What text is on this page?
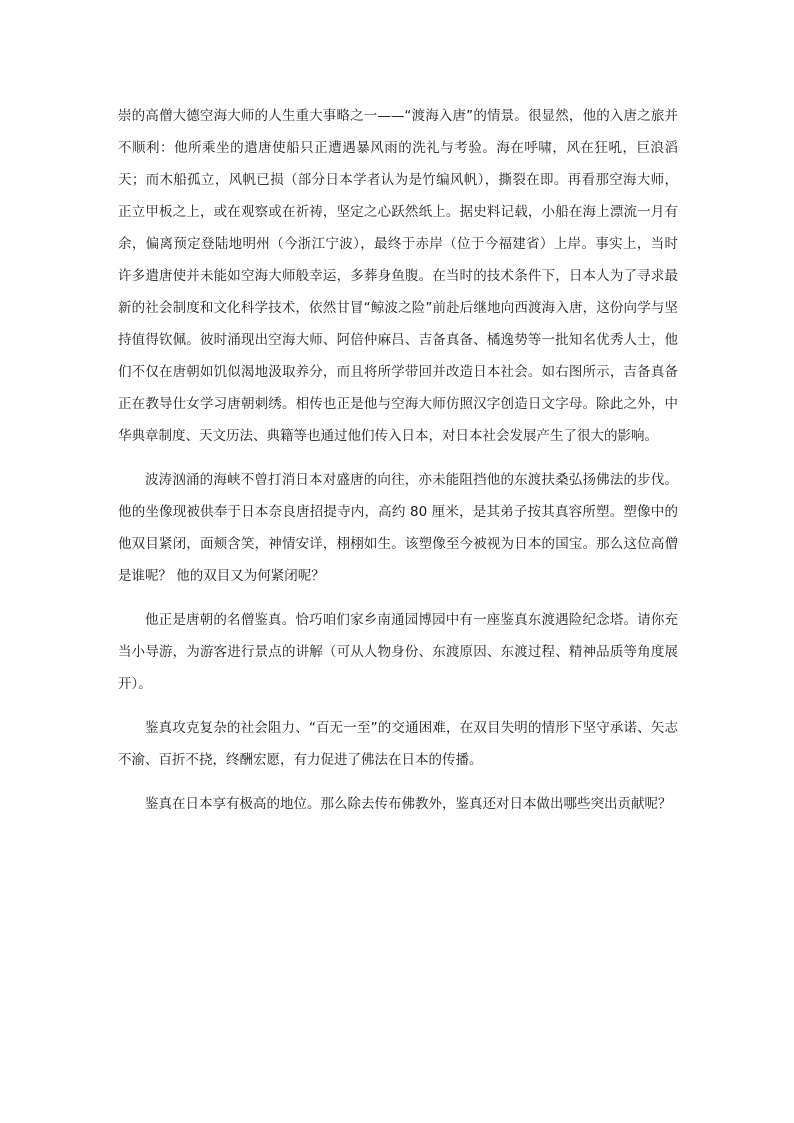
崇的高僧大德空海大师的人生重大事略之一——“渡海入唐”的情景。很显然，他的入唐之旅并不顺利：他所乘坐的遣唐使船只正遭遇暴风雨的洗礼与考验。海在呼啸，风在狂吼，巨浪滔天；而木船孤立，风帆已损（部分日本学者认为是竹编风帆），撕裂在即。再看那空海大师，正立甲板之上，或在观察或在祈祷，坚定之心跃然纸上。据史料记载，小船在海上漂流一月有余，偏离预定登陆地明州（今浙江宁波），最终于赤岸（位于今福建省）上岸。事实上，当时许多遣唐使并未能如空海大师般幸运，多葬身鱼腹。在当时的技术条件下，日本人为了寻求最新的社会制度和文化科学技术，依然甘冒“鲸波之险”前赴后继地向西渡海入唐，这份向学与坚持值得钦佩。彼时涌现出空海大师、阿倍仲麻吕、吉备真备、橘逸势等一批知名优秀人士，他们不仅在唐朝如饥似渴地汲取养分，而且将所学带回并改造日本社会。如右图所示，吉备真备正在教导仕女学习唐朝刺绣。相传也正是他与空海大师仿照汉字创造日文字母。除此之外，中华典章制度、天文历法、典籍等也通过他们传入日本，对日本社会发展产生了很大的影响。

波涛汹涌的海峡不曾打消日本对盛唐的向往，亦未能阻挡他的东渡扶桑弘扬佛法的步伐。他的坐像现被供奉于日本奈良唐招提寺内，高约 80 厘米，是其弟子按其真容所塑。塑像中的他双目紧闭，面颊含笑，神情安详，栩栩如生。该塑像至今被视为日本的国宝。那么这位高僧是谁呢？ 他的双目又为何紧闭呢？

他正是唐朝的名僧鉴真。恰巧咱们家乡南通园博园中有一座鉴真东渡遇险纪念塔。请你充当小导游，为游客进行景点的讲解（可从人物身份、东渡原因、东渡过程、精神品质等角度展开）。

鉴真攻克复杂的社会阻力、“百无一至”的交通困难，在双目失明的情形下坚守承诺、矢志不渝、百折不挠，终酬宏愿，有力促进了佛法在日本的传播。

鉴真在日本享有极高的地位。那么除去传布佛教外，鉴真还对日本做出哪些突出贡献呢？
